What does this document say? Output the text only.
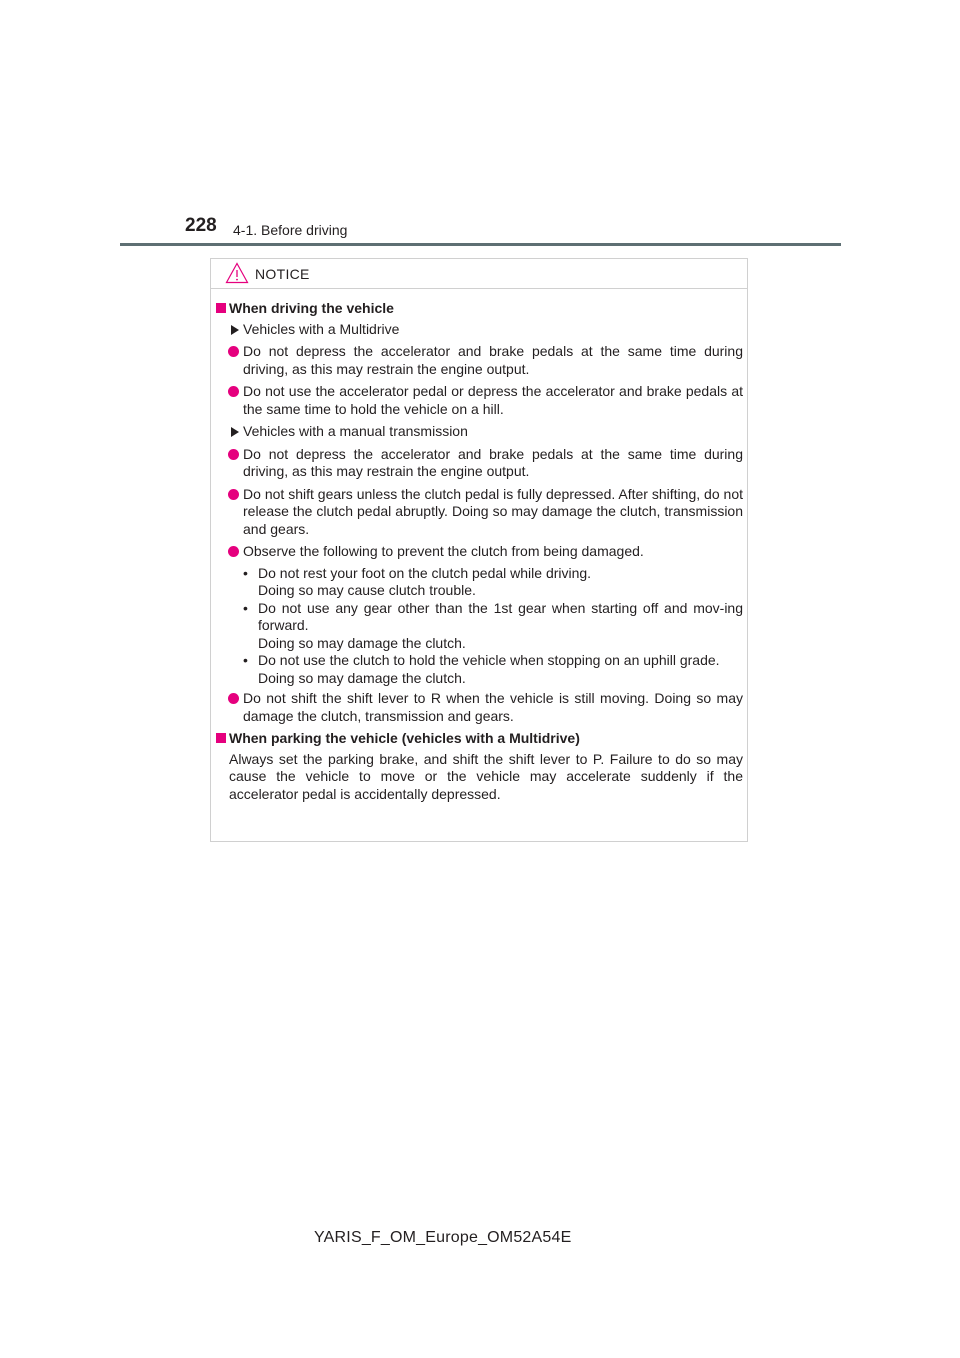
228 4-1. Before driving
NOTICE
When driving the vehicle
Vehicles with a Multidrive
Do not depress the accelerator and brake pedals at the same time during driving, as this may restrain the engine output.
Do not use the accelerator pedal or depress the accelerator and brake pedals at the same time to hold the vehicle on a hill.
Vehicles with a manual transmission
Do not depress the accelerator and brake pedals at the same time during driving, as this may restrain the engine output.
Do not shift gears unless the clutch pedal is fully depressed. After shifting, do not release the clutch pedal abruptly. Doing so may damage the clutch, transmission and gears.
Observe the following to prevent the clutch from being damaged.
• Do not rest your foot on the clutch pedal while driving.
Doing so may cause clutch trouble.
• Do not use any gear other than the 1st gear when starting off and mov-ing forward.
Doing so may damage the clutch.
• Do not use the clutch to hold the vehicle when stopping on an uphill grade.
Doing so may damage the clutch.
Do not shift the shift lever to R when the vehicle is still moving. Doing so may damage the clutch, transmission and gears.
When parking the vehicle (vehicles with a Multidrive)
Always set the parking brake, and shift the shift lever to P. Failure to do so may cause the vehicle to move or the vehicle may accelerate suddenly if the accelerator pedal is accidentally depressed.
YARIS_F_OM_Europe_OM52A54E
